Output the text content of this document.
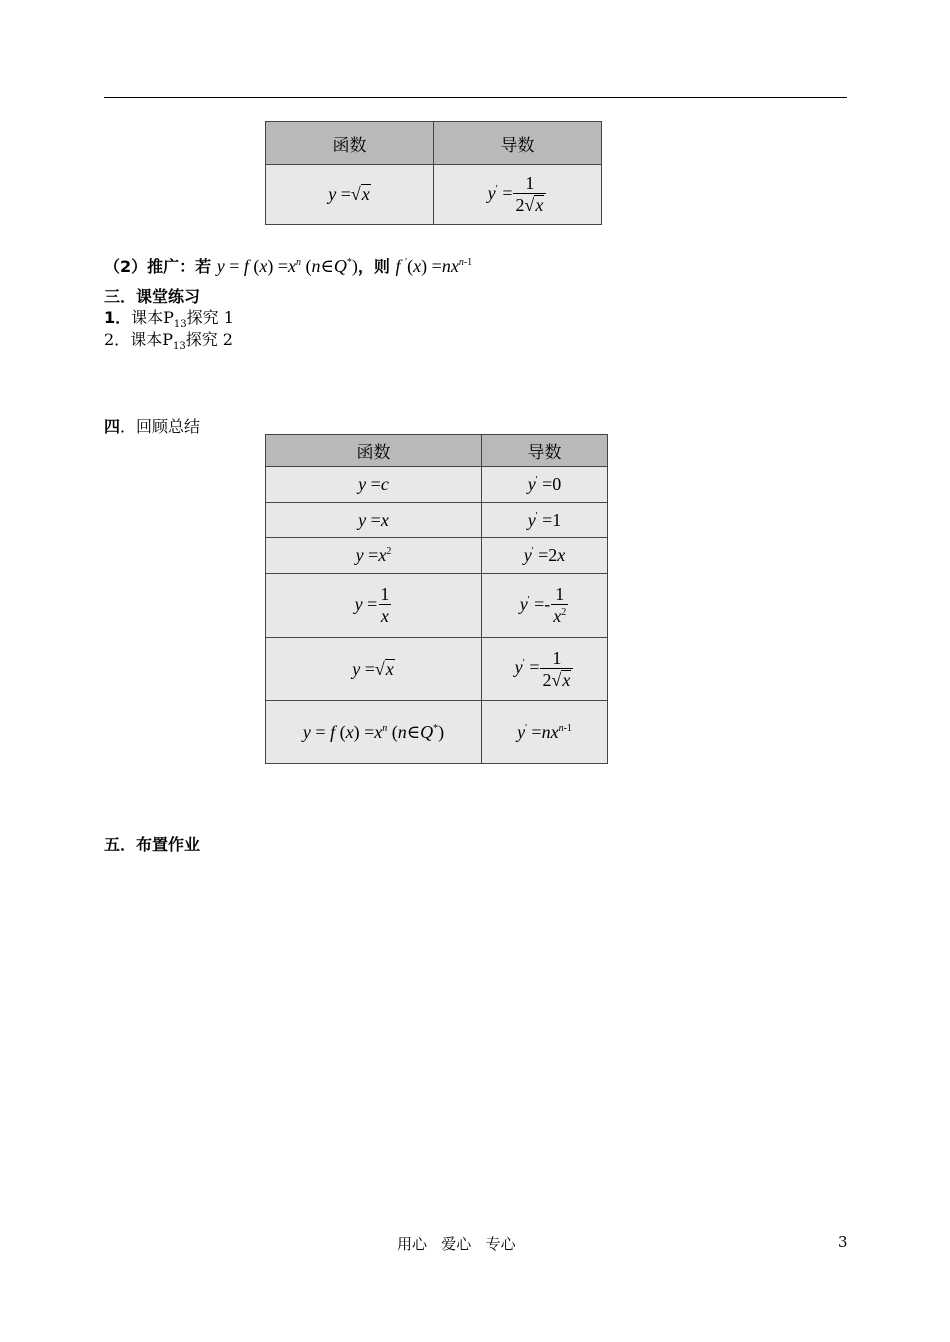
函数	导数
y = √ x	$y' = \frac{1}{2 √ x}$
（2）推广：若 y = f $(x) =x^n$ (n∈Q*)，则 f $'(x) =nx^{n-1}$
三．课堂练习
1．课本$P_{13}$探究 1
2．课本$P_{13}$探究 2
四．回顾总结
函数	导数
y =c	y' =0
y =x	y' =1
$y =x^2$	y' =2x
$y = \frac{1}{x}$	$y' =- \frac{1}{x^2}$

y = √ x	$y' = \frac{1}{2 √ x}$

y = f $(x) =x^n$ (n∈Q*)	$y' =nx^{n-1}$
五．布置作业
用心   爱心   专心	3
